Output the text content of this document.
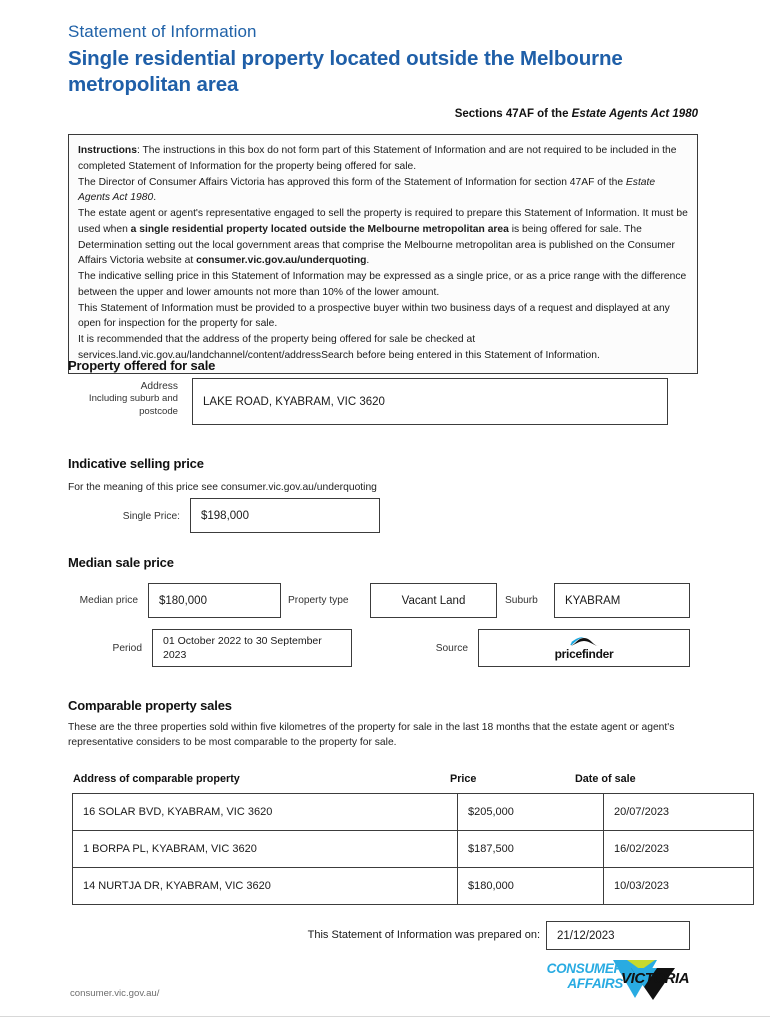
Statement of Information
Single residential property located outside the Melbourne metropolitan area
Sections 47AF of the Estate Agents Act 1980

Instructions: The instructions in this box do not form part of this Statement of Information and are not required to be included in the completed Statement of Information for the property being offered for sale.

The Director of Consumer Affairs Victoria has approved this form of the Statement of Information for section 47AF of the Estate Agents Act 1980.

The estate agent or agent's representative engaged to sell the property is required to prepare this Statement of Information. It must be used when a single residential property located outside the Melbourne metropolitan area is being offered for sale. The Determination setting out the local government areas that comprise the Melbourne metropolitan area is published on the Consumer Affairs Victoria website at consumer.vic.gov.au/underquoting.

The indicative selling price in this Statement of Information may be expressed as a single price, or as a price range with the difference between the upper and lower amounts not more than 10% of the lower amount.

This Statement of Information must be provided to a prospective buyer within two business days of a request and displayed at any open for inspection for the property for sale.

It is recommended that the address of the property being offered for sale be checked at services.land.vic.gov.au/landchannel/content/addressSearch before being entered in this Statement of Information.

Property offered for sale
Address
Including suburb and
postcode
LAKE ROAD, KYABRAM, VIC 3620
Indicative selling price
For the meaning of this price see consumer.vic.gov.au/underquoting
Single Price: $198,000
Median sale price
Median price $180,000	Property type	Vacant Land	Suburb	KYABRAM
Period
01 October 2022 to 30 September 2023
Source	pricefinder
Comparable property sales
These are the three properties sold within five kilometres of the property for sale in the last 18 months that the estate agent or agent's representative considers to be most comparable to the property for sale.
Address of comparable property	Price	Date of sale
16 SOLAR BVD, KYABRAM, VIC 3620	$205,000	20/07/2023
1 BORPA PL, KYABRAM, VIC 3620	$187,500	16/02/2023
14 NURTJA DR, KYABRAM, VIC 3620	$180,000	10/03/2023
This Statement of Information was prepared on: 21/12/2023
CONSUMER
AFFAIRS
VICTORIA
consumer.vic.gov.au/
